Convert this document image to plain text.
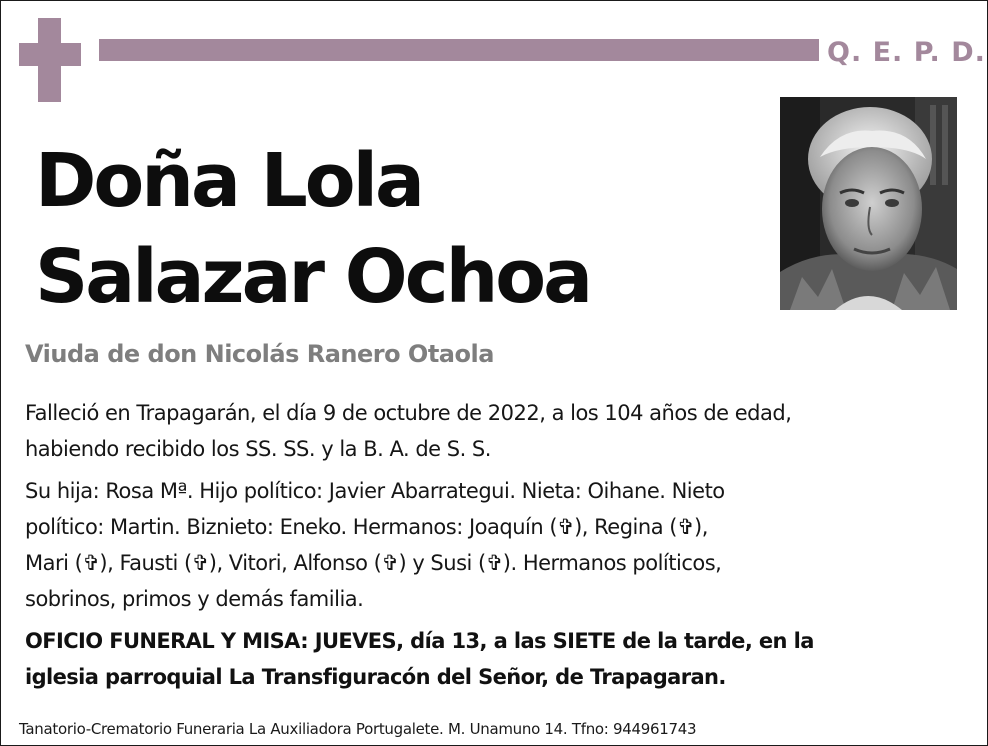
Q. E. P. D.
Doña Lola
Salazar Ochoa
Viuda de don Nicolás Ranero Otaola

Falleció en Trapagarán, el día 9 de octubre de 2022, a los 104 años de edad,
habiendo recibido los SS. SS. y la B. A. de S. S.

Su hija: Rosa Mª. Hijo político: Javier Abarrategui. Nieta: Oihane. Nieto
político: Martin. Biznieto: Eneko. Hermanos: Joaquín (✞), Regina (✞),
Mari (✞), Fausti (✞), Vitori, Alfonso (✞) y Susi (✞). Hermanos políticos,
sobrinos, primos y demás familia.

OFICIO FUNERAL Y MISA: JUEVES, día 13, a las SIETE de la tarde, en la
iglesia parroquial La Transfiguracón del Señor, de Trapagaran.

Tanatorio-Crematorio Funeraria La Auxiliadora Portugalete. M. Unamuno 14. Tfno: 944961743
